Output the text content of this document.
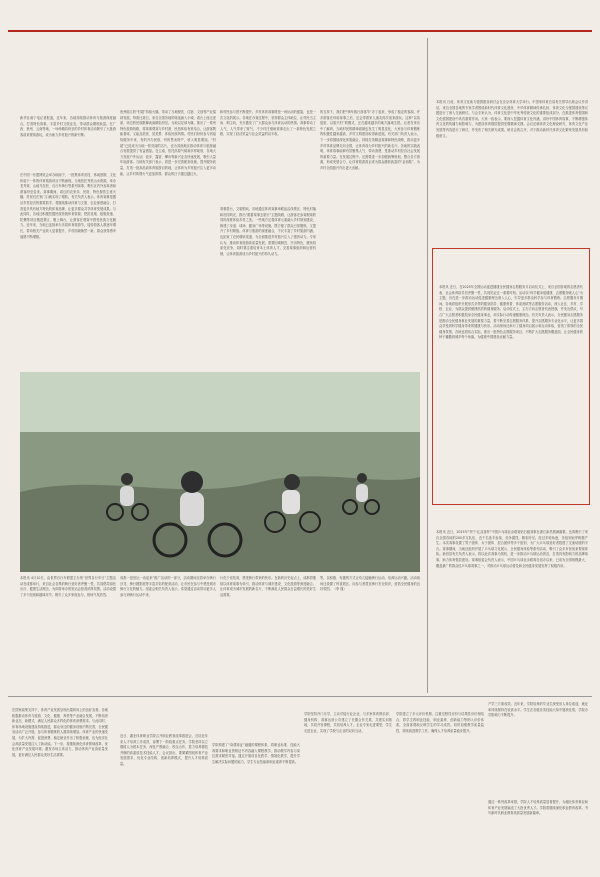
新华社南宁电记者报道，近年来，各地持续推动体育与旅游深度融合，打造特色赛事，丰富乡村文旅业态，带动群众增收致富。在广西、贵州、云南等地，一场场精彩纷呈的乡村体育活动吸引了大批游客前来观赛游玩，成为助力乡村振兴的新引擎。
在中国一东盟博览会举办地南宁，一批集体育竞技、休闲度假、文化体验于一体的体育旅游项目不断涌现。当地依托秀美山水资源，举办龙舟赛、山地马拉松、自行车骑行等系列赛事，吸引区内外参赛者和游客纷至沓来。赛事期间，周边的农家乐、民宿、特色餐饮生意火爆，村民们在家门口就实现了增收。有关负责人表示，体育赛事是激活乡村经济的重要抓手，将继续推动体育与文旅、农业深度融合，打造更多具有地方特色的体育品牌，让更多群众共享体育发展成果。与此同时，各地还积极挖掘民族传统体育资源，把抢花炮、板鞋竞速、陀螺等项目搬进景区、搬上舞台，让游客在观赛中感受民族文化魅力。近年来，当地已连续举办多届体育旅游节，接待游客人数逐年增长，带动相关产业收入显著提升，乡村面貌焕然一新，群众获得感幸福感不断增强。
贵州榕江的“村超”持续火爆，带动了当地餐饮、住宿、文创等产业蓬勃发展。每逢比赛日，来自全国各地的球迷涌入小城，看台上座无虚席，场边的民族歌舞表演精彩纷呈。当地以足球为媒，推出了一系列特色旅游线路，将赛事观赛与乡村游、民俗体验有机结合，让游客既能看球，又能品美食、赏美景、体验民族风情。村民们纷纷参与到接待服务中来，有的开办民宿，有的售卖特产，收入明显增加。“村超”已经成为当地一张亮丽的名片，也为其他地区推动体育与旅游融合发展提供了有益借鉴。在云南，依托高原气候和多样地形，各地大力发展户外运动，徒步、露营、攀岩等新兴业态快速发展，吸引大量年轻游客。当地有关部门表示，将进一步完善配套设施，提升服务质量，打造一批高品质体育旅游目的地，让体育为乡村振兴注入更多动能，让乡村的烟火气更加浓厚，群众的日子越过越红火。
和村民参与度不断提升。乡村体育赛事既是一场运动的盛宴，也是一次文化的展示。各地在办赛过程中，坚持群众主体地位，让村民当主角、唱主戏，充分激发了广大群众参与体育运动的热情。赛事带动了人气，人气带来了财气，不少村庄借助赛事走出了一条特色发展之路，实现了经济效益与社会效益的双丰收。
赛事搭台，文旅唱戏。各地通过体育赛事串联起沿线景区、特色村落和田园风光，推出“跟着赛事去旅行”主题线路，让游客在参赛观赛的同时深度体验乡村之美。一些地方还将体育元素融入乡村规划建设，修建了步道、球场、健身广场等设施，既方便了群众日常锻炼，又提升了乡村颜值。体育与旅游的深度融合，不仅丰富了乡村旅游内涵，也拓宽了农民增收渠道，为全面推进乡村振兴注入了强劲动力。专家认为，推动体育旅游高质量发展，需要因地制宜、突出特色，避免同质化竞争，同时要注重培育本土体育人才，完善赛事组织和运营机制，让体育旅游成为乡村振兴的持久动力。
的支持下，我们把“骑车旅行游客节”办了起来，形成了稳定的客源。许多游客在体验赛事之后，还会带着家人朋友再次前来游玩。这种“以赛促旅、以旅兴村”的模式，正在越来越多的地方落地生根。记者在采访中了解到，当地村民的精神面貌也发生了明显变化，大家参与体育锻炼的积极性越来越高，乡村文明建设取得新进展。有关部门负责人表示，下一步将继续深化体旅融合，持续打造精品赛事和特色线路，推动更多乡村体育品牌走向全国，让体育成为乡村振兴的新名片。各地的实践表明，体育赛事能够有效聚集人气、带动消费，是推动乡村经济社会发展的重要力量。在发展过程中，还需要进一步加强统筹规划，整合各方资源，形成发展合力，让体育旅游真正成为群众增收致富的“金钥匙”，为乡村全面振兴作出更大贡献。
本报讯 4月10日，由世界自行车联盟主办的“世界自行车日”主题活动在成都举行，来自社会各界的骑行爱好者齐聚一堂，共同倡导绿色出行、健康生活理念，为即将举办的世运会营造浓厚氛围。活动设置了多个组别和趣味环节，吸引了众多家庭参与，现场气氛热烈。
成都一是世运一动起来”推广活动的一部分，活动期间还将举办骑行沙龙、骑行摄影展等丰富多彩的配套活动，让市民在参与中感受城市骑行文化的魅力。组委会相关负责人表示，希望通过活动带动更多人参与到骑行运动中来。
行化于竞技赛，感受骑行带来的快乐。在新的历史起点上，成都将继续以体育赛事为牵引，推动体育与城市建设、文化旅游等深度融合，让体育成为城市发展的新名片，不断满足人民群众日益增长的美好生活需要。
等，以积极、有趣的方式让幼儿接触骑行运动，培养运动兴趣。活动现场还设置了科普展区，向参与者普及骑行安全知识，营造全民健身的良好氛围。（李 翔）
本报讯 日前，体育文化助力强国建设研讨会在北京体育大学举行。中国家体育总局有关领导出席会议并讲话，来自全国各地的专家学者围绕新时代体育文化建设、中华体育精神传承弘扬、体育文化与强国建设等议题进行了深入交流研讨。与会专家认为，体育文化是中华优秀传统文化的重要组成部分，在推进体育强国和文化强国建设中具有重要作用。大家一致表示，要深入挖掘体育文化内涵，讲好中国体育故事，不断增强体育文化的传播力和影响力，为建设体育强国提供坚强精神支撑。会议还就体育文化理论研究、体育文化产业发展等内容进行了研讨，并发布了相关研究成果。研讨会的召开，对于推动新时代体育文化繁荣发展具有积极意义。
本报讯 近日，在2025年全国运动促进健康全民健身志愿服务月启动仪式上，来自全国各地的志愿者代表、社会体育指导员齐聚一堂，共同见证这一重要时刻。活动以“科学健身促健康、志愿服务暖人心”为主题，旨在进一步推动运动促进健康理念深入人心，引导更多群众科学参与体育锻炼。志愿服务月期间，各地将组织开展形式多样的健身指导、健康科普、体质测试等志愿服务活动，深入社区、乡村、学校、企业，为群众提供便捷高效的健身服务。启动仪式上，主办方向志愿者代表授旗，并发出倡议，号召广大志愿者积极投身全民健身事业，用实际行动传递健康理念。有关负责人表示，全民健身志愿服务是推动全民健身事业发展的重要力量，要不断完善志愿服务体系，提升志愿服务专业化水平，让更多群众享受到科学健身带来的健康与快乐。活动现场还举行了健身项目展示和互动体验，营造了浓厚的全民健身氛围。各地也将结合实际，推出一批特色志愿服务项目，不断扩大志愿服务覆盖面，让全民健身的种子播撒到城乡每个角落，为健康中国建设贡献力量。
本报讯 近日，2025年“李宁·红双喜杯”中国乒乓球业余联赛钻石级赛事在浙江新昌圆满落幕。比赛吸引了来自全国各地的200多支队伍、近千名选手参赛，竞争激烈，精彩纷呈。经过多轮角逐，各组别冠军相继产生。本次赛事设置了男子团体、女子团体、混合团体等多个组别，为广大乒乓球爱好者搭建了交流切磋的平台。赛事期间，当地还组织开展了乒乓球文化展示、全民健身体验等系列活动，吸引了众多市民前来观赛体验。新昌县有关负责人表示，将以此次赛事为契机，进一步推动乒乓球运动普及，打造具有影响力的品牌赛事，助力体育强县建设。赛事组委会负责人表示，中国乒乓球业余联赛自创办以来，已成为全国规模最大、覆盖最广的群众性乒乓球赛事之一，对推动乒乓球运动普及和全民健身发展发挥了积极作用。
在国家政策支持下，体育产业发展呈现出蓬勃向上的良好态势。各地积极推动体育与旅游、文化、健康、养老等产业融合发展，不断培育新业态、新模式，满足人民群众多样化的体育消费需求。与此同时，体育场地设施建设持续推进，群众身边的健身设施不断完善，全民健身活动广泛开展，参与体育锻炼的人数持续增加。体育产业的快速发展，为扩大内需、促进消费、稳定就业作出了积极贡献，也为经济社会高质量发展注入了新动能。下一步，将继续深化体育领域改革，优化体育产业发展环境，激发市场主体活力，推动体育产业高质量发展，更好满足人民群众美好生活需要。
近日，湖北体育职业学院召开职业教育改革推进会，总结近年来人才培养工作成效，部署下一阶段重点任务。学院坚持以立德树人为根本任务，深化产教融合、校企合作，着力培养德技并修的高素质技术技能人才。会议指出，要紧紧围绕体育产业发展需求，优化专业结构，创新培养模式，提升人才培养质量。
学院构建了“岗课赛证”融通的课程体系，将职业标准、技能大赛要求和职业资格证书内容融入课程教学，推动教学内容与岗位需求紧密对接。通过开展项目化教学、情境化教学，提升学生解决实际问题的能力，学生专业技能和职业素养不断提高。
学院坚持开门办学，主动对接行业企业，与多家体育俱乐部、健身机构、赛事运营公司建立了长期合作关系，共建实训基地，共同开发课程，共同培养人才。企业专家走进课堂，学生走进企业，实现了学校与企业的双向互动。
学院建立了多元评价机制，注重过程性评价与结果性评价相结合，将学生的职业技能、职业素养、创新能力等纳入评价体系，全面客观地反映学生的学习成效。同时加强教学质量监控，持续改进教学工作，确保人才培养质量稳步提升。
产学三方面成效。近年来，学院培养的毕业生深受用人单位欢迎，就业率持续保持在较高水平。学生在各级各类技能大赛中屡获佳绩，学院办学影响力不断提升。
通过一系列改革举措，学院人才培养质量显著提升，为湖北体育事业和体育产业发展输送了大批优秀人才。学院将继续深化职业教育改革，书写新时代职业教育高质量发展新篇章。
